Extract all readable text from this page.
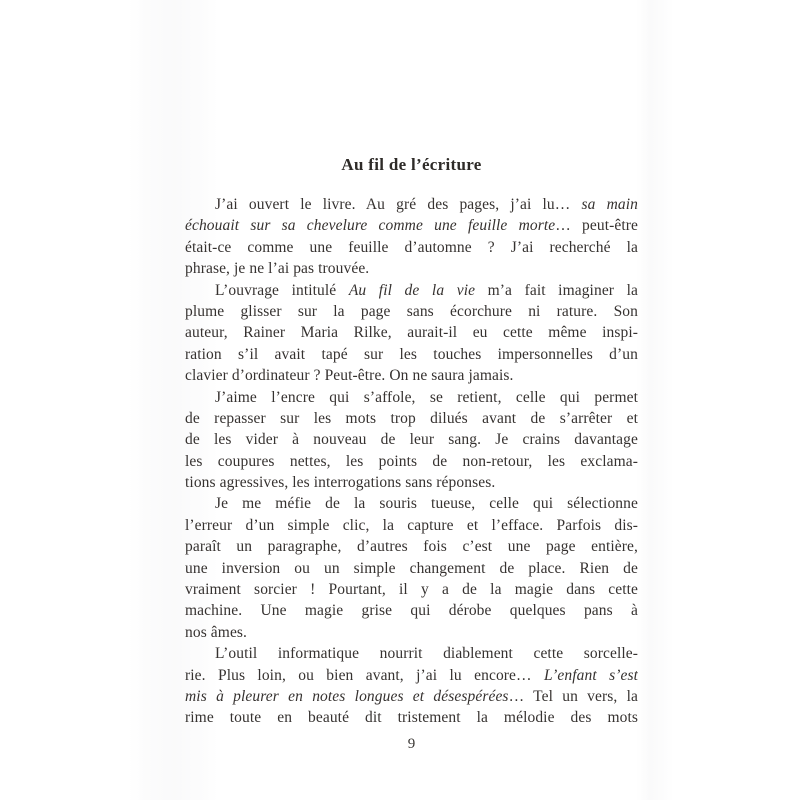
Au fil de l’écriture
J’ai ouvert le livre. Au gré des pages, j’ai lu… sa main
échouait sur sa chevelure comme une feuille morte… peut-être
était-ce comme une feuille d’automne ? J’ai recherché la
phrase, je ne l’ai pas trouvée.
L’ouvrage intitulé Au fil de la vie m’a fait imaginer la
plume glisser sur la page sans écorchure ni rature. Son
auteur, Rainer Maria Rilke, aurait-il eu cette même inspi-
ration s’il avait tapé sur les touches impersonnelles d’un
clavier d’ordinateur ? Peut-être. On ne saura jamais.
J’aime l’encre qui s’affole, se retient, celle qui permet
de repasser sur les mots trop dilués avant de s’arrêter et
de les vider à nouveau de leur sang. Je crains davantage
les coupures nettes, les points de non-retour, les exclama-
tions agressives, les interrogations sans réponses.
Je me méfie de la souris tueuse, celle qui sélectionne
l’erreur d’un simple clic, la capture et l’efface. Parfois dis-
paraît un paragraphe, d’autres fois c’est une page entière,
une inversion ou un simple changement de place. Rien de
vraiment sorcier ! Pourtant, il y a de la magie dans cette
machine. Une magie grise qui dérobe quelques pans à
nos âmes.
L’outil informatique nourrit diablement cette sorcelle-
rie. Plus loin, ou bien avant, j’ai lu encore… L’enfant s’est
mis à pleurer en notes longues et désespérées… Tel un vers, la
rime toute en beauté dit tristement la mélodie des mots
9
